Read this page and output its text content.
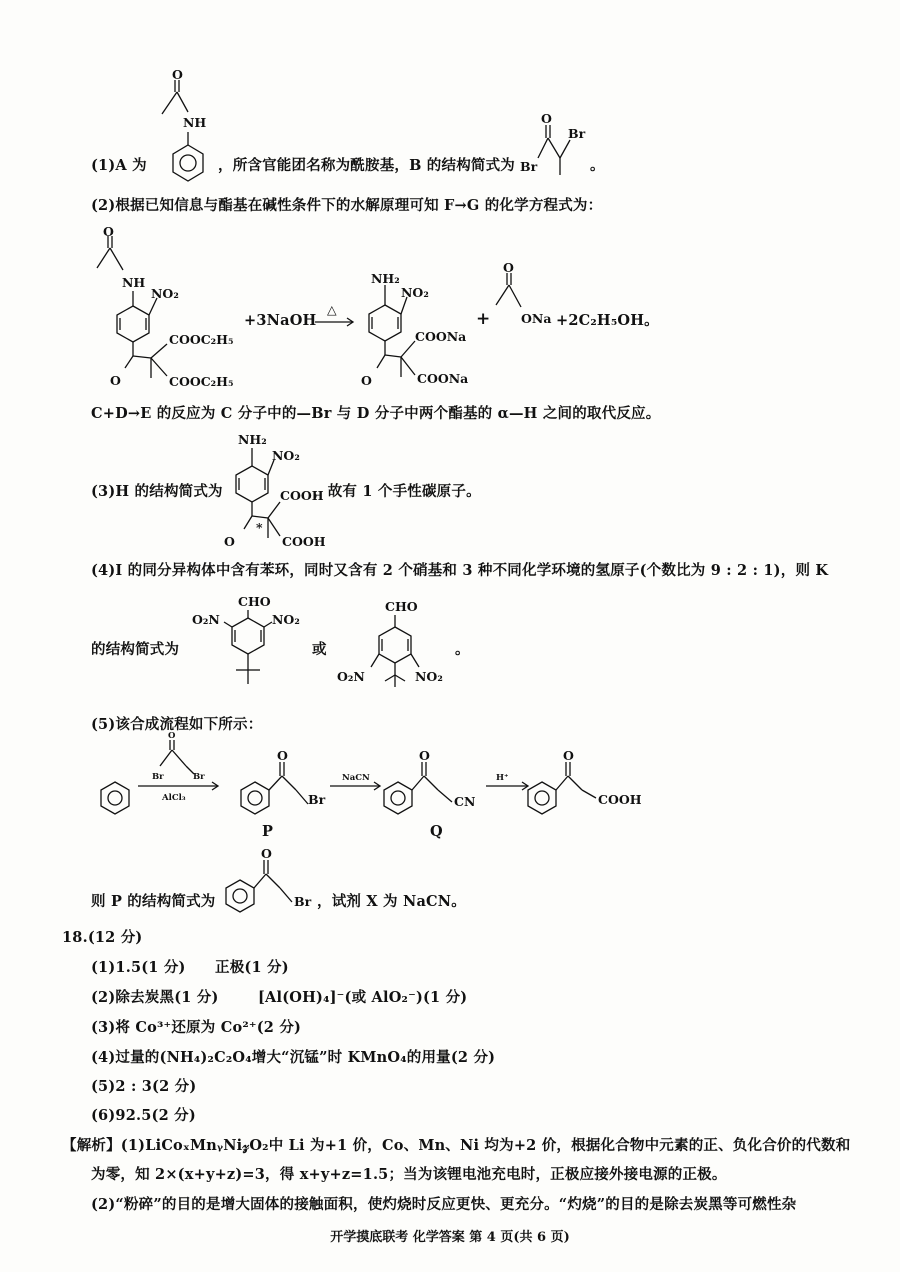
O
NH
(1)A 为	，所含官能团名称为酰胺基，B 的结构简式为
O
Br
Br	。
(2)根据已知信息与酯基在碱性条件下的水解原理可知 F→G 的化学方程式为：
O
NH
NO₂
COOC₂H₅
O	COOC₂H₅
+3NaOH
△
NH₂
NO₂
COONa
O	COONa
+
O
ONa +2C₂H₅OH。
C+D→E 的反应为 C 分子中的—Br 与 D 分子中两个酯基的 α—H 之间的取代反应。
(3)H 的结构简式为
NH₂
NO₂
COOH
*
O	COOH
，故有 1 个手性碳原子。
(4)I 的同分异构体中含有苯环，同时又含有 2 个硝基和 3 种不同化学环境的氢原子(个数比为 9 : 2 : 1)，则 K
的结构简式为
CHO
O₂N	NO₂
或
CHO
O₂N	NO₂
。
(5)该合成流程如下所示：
O
Br	Br
AlCl₃
O
Br
NaCN
O
CN
H⁺
O
COOH
P	Q
则 P 的结构简式为
O
Br ，试剂 X 为 NaCN。
18.(12 分)
(1)1.5(1 分)　　正极(1 分)
(2)除去炭黑(1 分)	[Al(OH)₄]⁻(或 AlO₂⁻)(1 分)
(3)将 Co³⁺还原为 Co²⁺(2 分)
(4)过量的(NH₄)₂C₂O₄增大“沉锰”时 KMnO₄的用量(2 分)
(5)2 : 3(2 分)
(6)92.5(2 分)
【解析】(1)LiCoₓMnᵧNi𝓏O₂中 Li 为+1 价，Co、Mn、Ni 均为+2 价，根据化合物中元素的正、负化合价的代数和
为零，知 2×(x+y+z)=3，得 x+y+z=1.5；当为该锂电池充电时，正极应接外接电源的正极。
(2)“粉碎”的目的是增大固体的接触面积，使灼烧时反应更快、更充分。“灼烧”的目的是除去炭黑等可燃性杂
开学摸底联考 化学答案 第 4 页(共 6 页)
